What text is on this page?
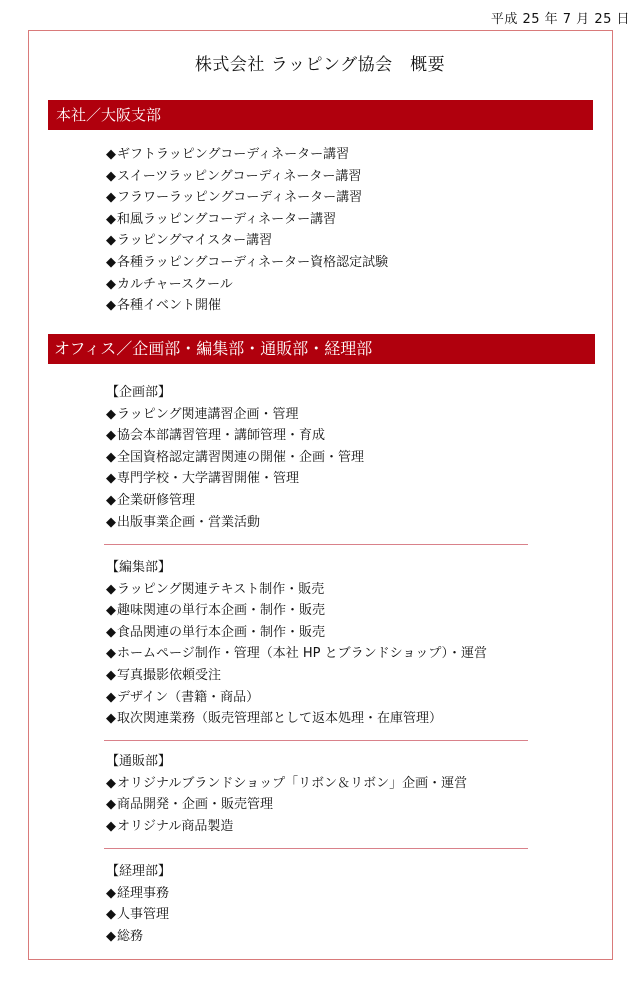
平成 25 年 7 月 25 日
株式会社 ラッピング協会　概要
本社／大阪支部
◆ギフトラッピングコーディネーター講習
◆スイーツラッピングコーディネーター講習
◆フラワーラッピングコーディネーター講習
◆和風ラッピングコーディネーター講習
◆ラッピングマイスター講習
◆各種ラッピングコーディネーター資格認定試験
◆カルチャースクール
◆各種イベント開催
オフィス／企画部・編集部・通販部・経理部
【企画部】
◆ラッピング関連講習企画・管理
◆協会本部講習管理・講師管理・育成
◆全国資格認定講習関連の開催・企画・管理
◆専門学校・大学講習開催・管理
◆企業研修管理
◆出版事業企画・営業活動
【編集部】
◆ラッピング関連テキスト制作・販売
◆趣味関連の単行本企画・制作・販売
◆食品関連の単行本企画・制作・販売
◆ホームページ制作・管理（本社 HP とブランドショップ）・運営
◆写真撮影依頼受注
◆デザイン（書籍・商品）
◆取次関連業務（販売管理部として返本処理・在庫管理）
【通販部】
◆オリジナルブランドショップ「リボン＆リボン」企画・運営
◆商品開発・企画・販売管理
◆オリジナル商品製造
【経理部】
◆経理事務
◆人事管理
◆総務
